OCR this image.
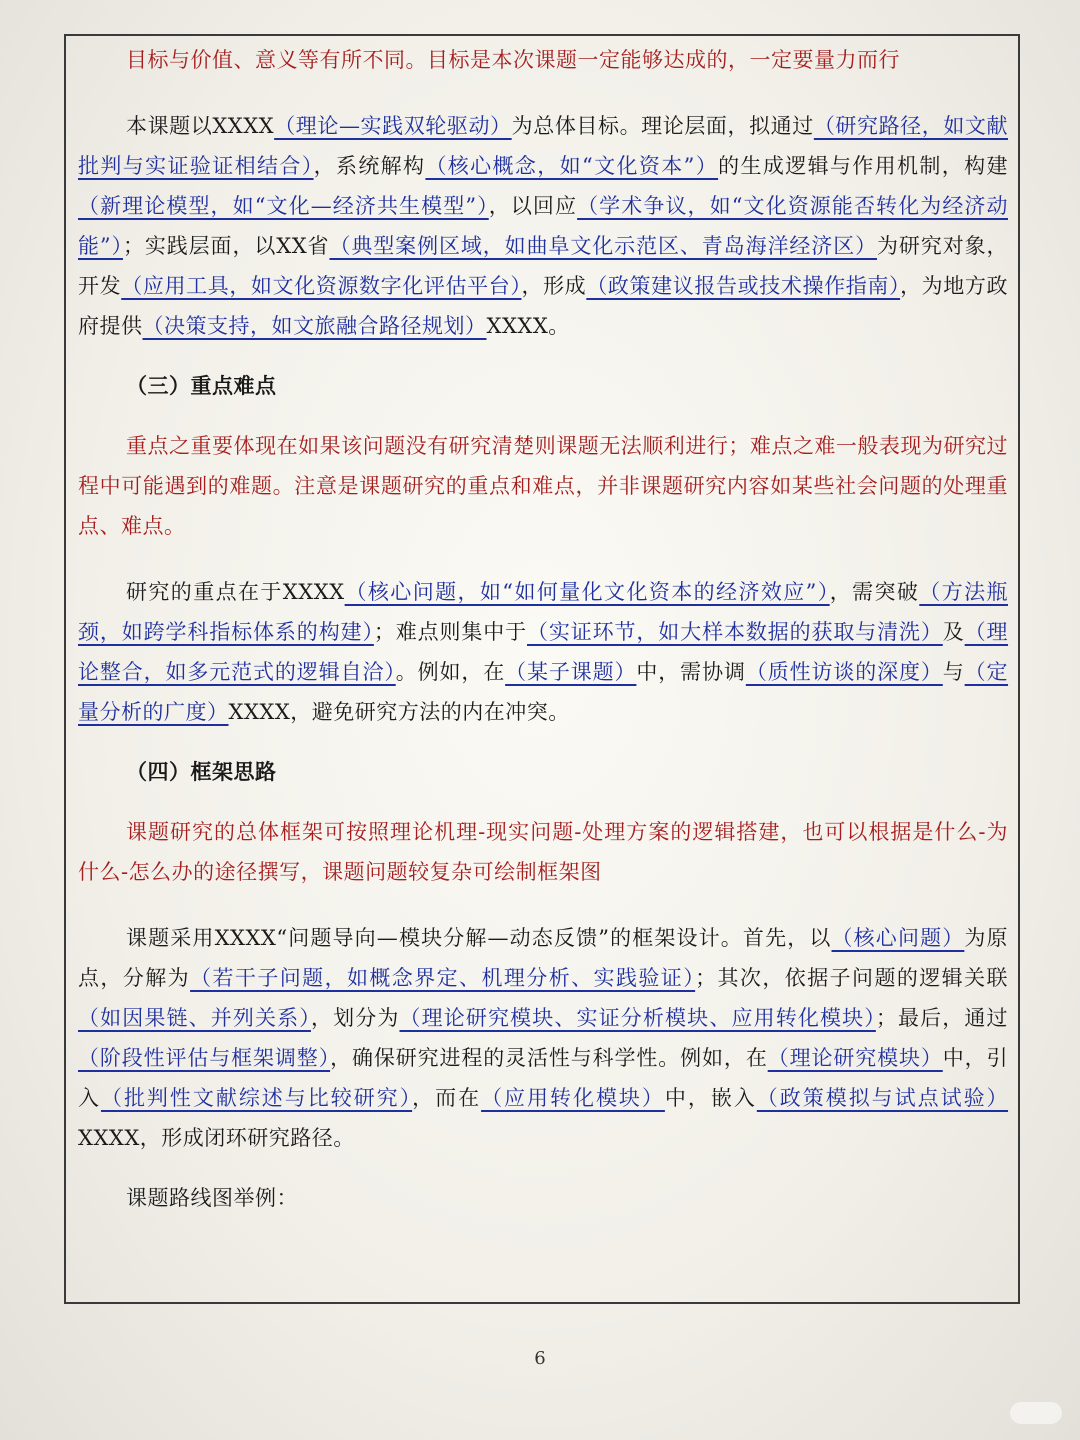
目标与价值、意义等有所不同。目标是本次课题一定能够达成的，一定要量力而行

本课题以XXXX（理论—实践双轮驱动）为总体目标。理论层面，拟通过（研究路径，如文献批判与实证验证相结合），系统解构（核心概念，如“文化资本”）的生成逻辑与作用机制，构建（新理论模型，如“文化—经济共生模型”），以回应（学术争议，如“文化资源能否转化为经济动能”）；实践层面，以XX省（典型案例区域，如曲阜文化示范区、青岛海洋经济区）为研究对象，开发（应用工具，如文化资源数字化评估平台），形成（政策建议报告或技术操作指南），为地方政府提供（决策支持，如文旅融合路径规划）XXXX。

（三）重点难点

重点之重要体现在如果该问题没有研究清楚则课题无法顺利进行；难点之难一般表现为研究过程中可能遇到的难题。注意是课题研究的重点和难点，并非课题研究内容如某些社会问题的处理重点、难点。

研究的重点在于XXXX（核心问题，如“如何量化文化资本的经济效应”），需突破（方法瓶颈，如跨学科指标体系的构建）；难点则集中于（实证环节，如大样本数据的获取与清洗）及（理论整合，如多元范式的逻辑自洽）。例如，在（某子课题）中，需协调（质性访谈的深度）与（定量分析的广度）XXXX，避免研究方法的内在冲突。

（四）框架思路

课题研究的总体框架可按照理论机理-现实问题-处理方案的逻辑搭建，也可以根据是什么-为什么-怎么办的途径撰写，课题问题较复杂可绘制框架图

课题采用XXXX“问题导向—模块分解—动态反馈”的框架设计。首先，以（核心问题）为原点，分解为（若干子问题，如概念界定、机理分析、实践验证）；其次，依据子问题的逻辑关联（如因果链、并列关系），划分为（理论研究模块、实证分析模块、应用转化模块）；最后，通过（阶段性评估与框架调整），确保研究进程的灵活性与科学性。例如，在（理论研究模块）中，引入（批判性文献综述与比较研究），而在（应用转化模块）中，嵌入（政策模拟与试点试验）XXXX，形成闭环研究路径。

课题路线图举例：

6
